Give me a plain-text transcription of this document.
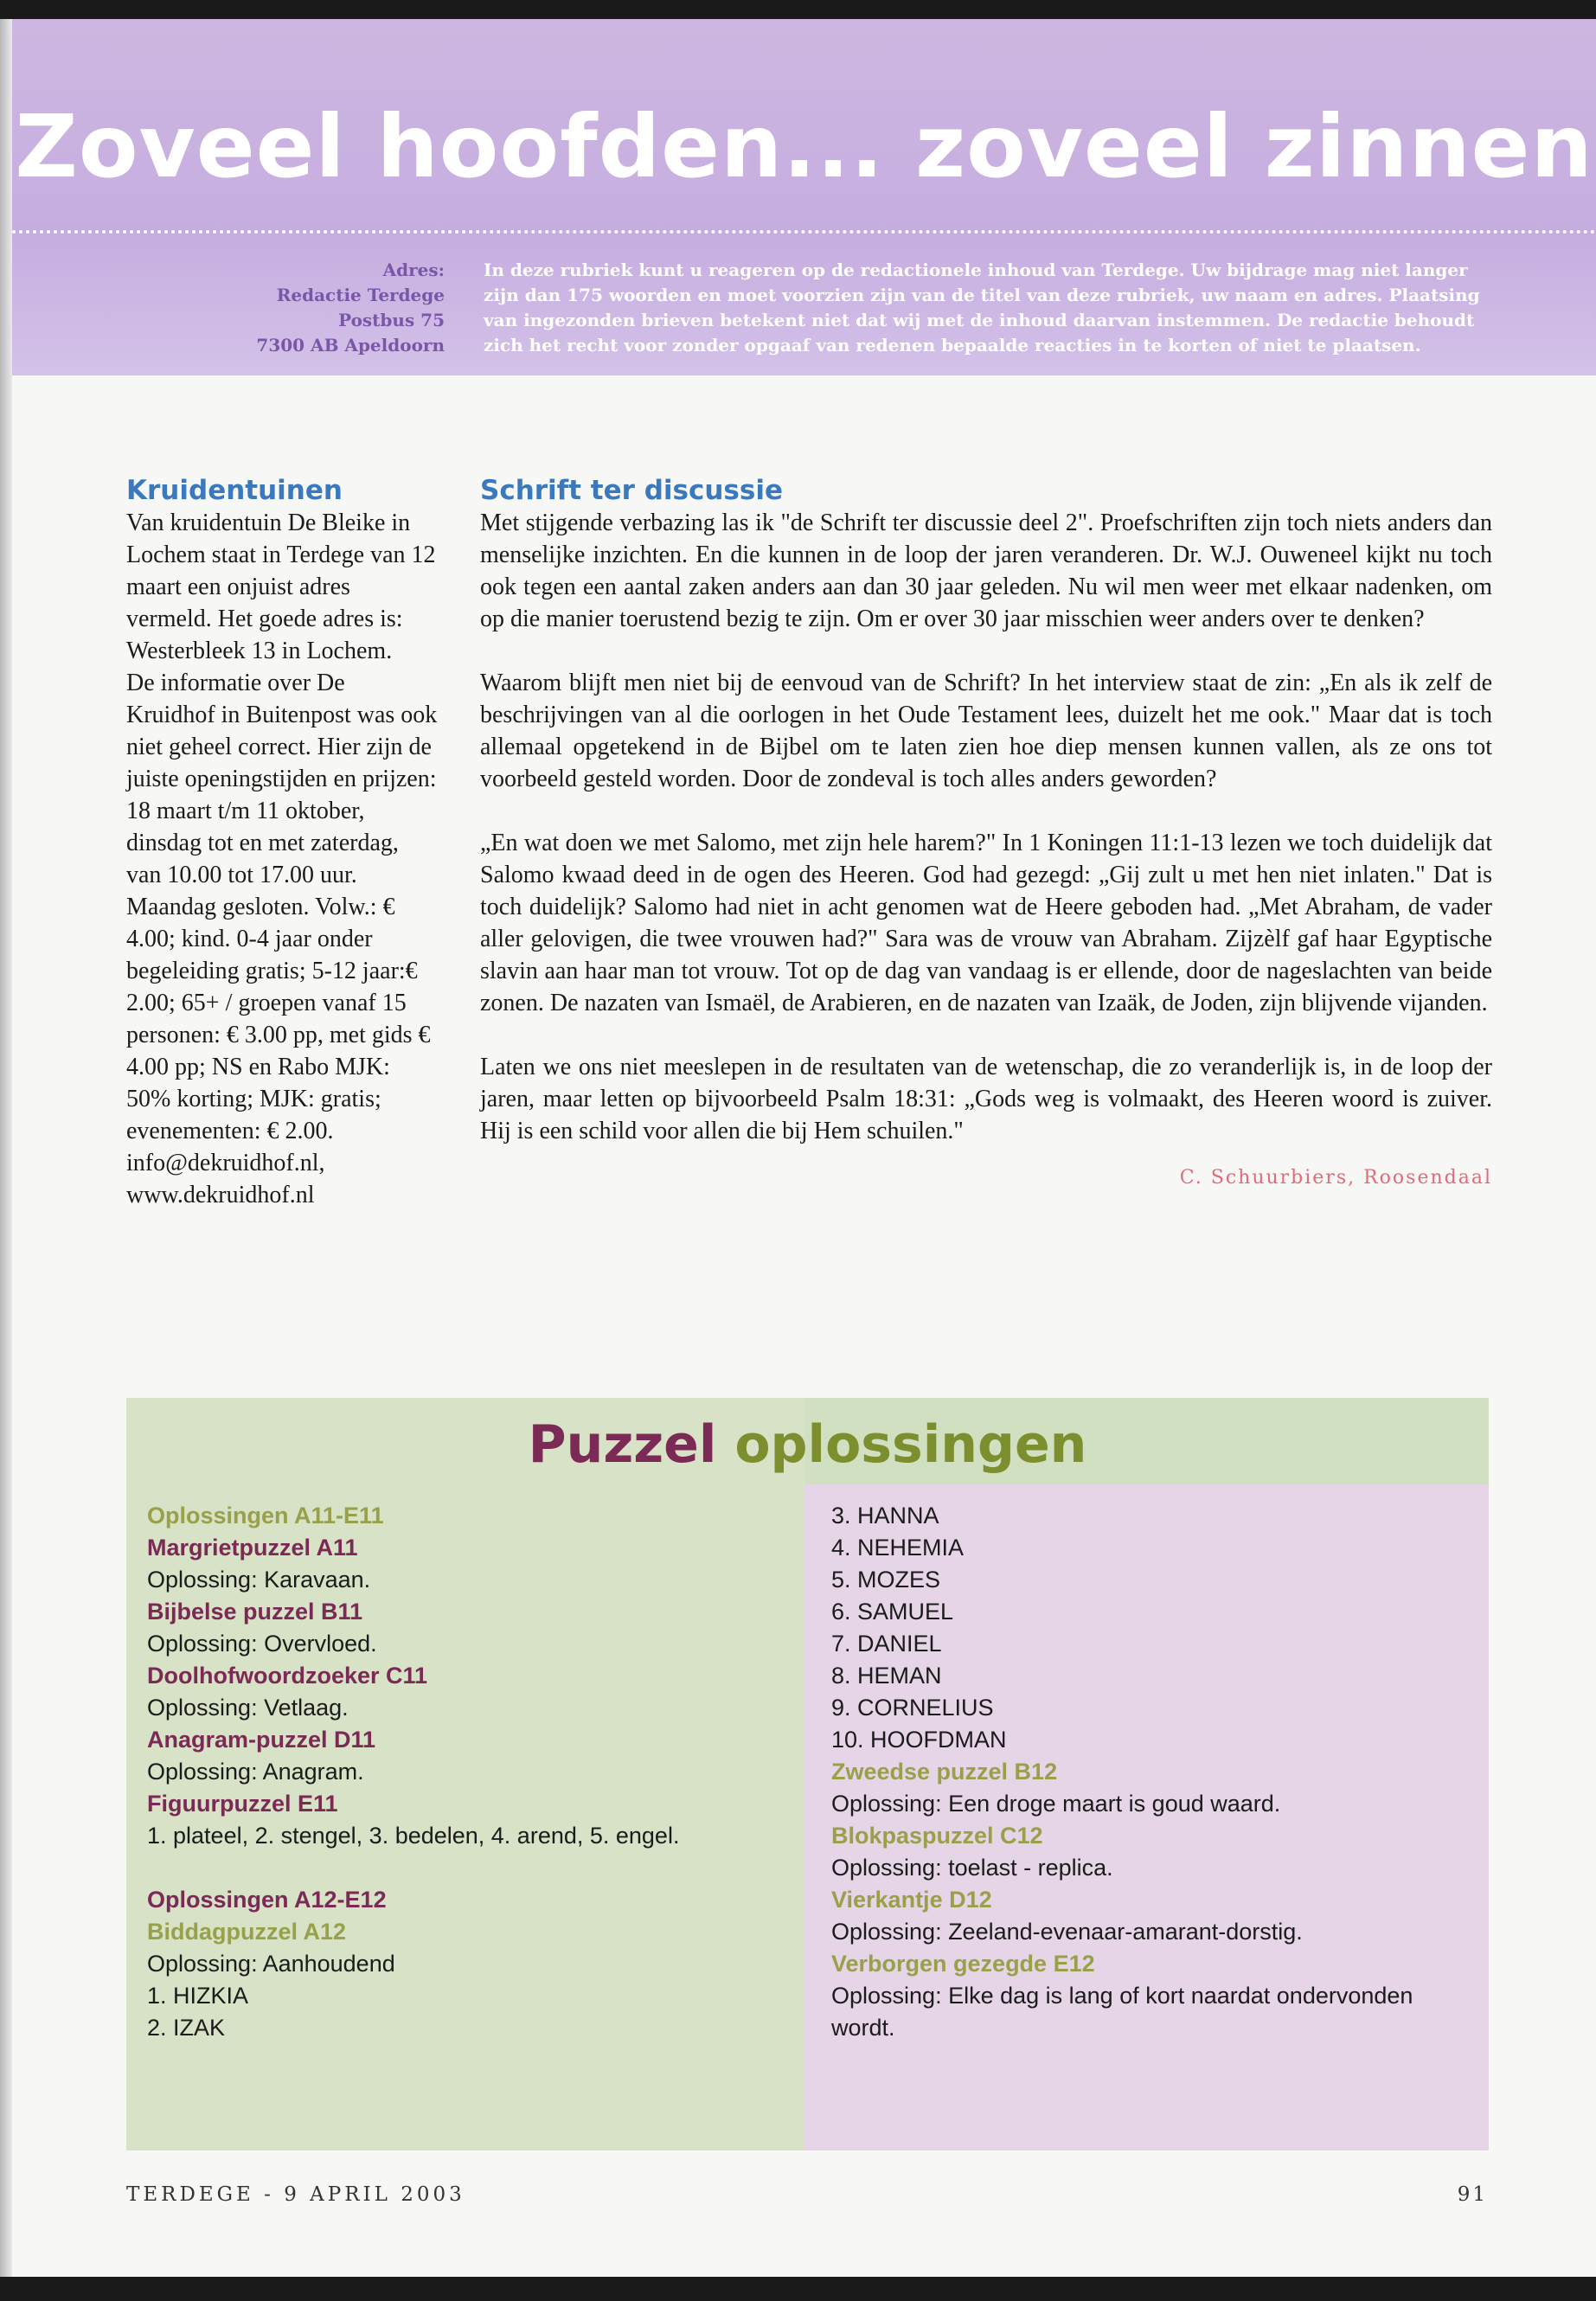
Zoveel hoofden... zoveel zinnen
Adres:
Redactie Terdege
Postbus 75
7300 AB Apeldoorn
In deze rubriek kunt u reageren op de redactionele inhoud van Terdege. Uw bijdrage mag niet langer zijn dan 175 woorden en moet voorzien zijn van de titel van deze rubriek, uw naam en adres. Plaatsing van ingezonden brieven betekent niet dat wij met de inhoud daarvan instemmen. De redactie behoudt zich het recht voor zonder opgaaf van redenen bepaalde reacties in te korten of niet te plaatsen.
Kruidentuinen

Van kruidentuin De Bleike in Lochem staat in Terdege van 12 maart een onjuist adres vermeld. Het goede adres is: Westerbleek 13 in Lochem.

De informatie over De Kruidhof in Buitenpost was ook niet geheel correct. Hier zijn de juiste openingstijden en prijzen: 18 maart t/m 11 oktober, dinsdag tot en met zaterdag, van 10.00 tot 17.00 uur. Maandag gesloten. Volw.: € 4.00; kind. 0-4 jaar onder begeleiding gratis; 5-12 jaar:€ 2.00; 65+ / groepen vanaf 15 personen: € 3.00 pp, met gids € 4.00 pp; NS en Rabo MJK: 50% korting; MJK: gratis; evenementen: € 2.00. info@dekruidhof.nl, www.dekruidhof.nl

Schrift ter discussie

Met stijgende verbazing las ik "de Schrift ter discussie deel 2". Proefschriften zijn toch niets anders dan menselijke inzichten. En die kunnen in de loop der jaren veranderen. Dr. W.J. Ouweneel kijkt nu toch ook tegen een aantal zaken anders aan dan 30 jaar geleden. Nu wil men weer met elkaar nadenken, om op die manier toerustend bezig te zijn. Om er over 30 jaar misschien weer anders over te denken?

Waarom blijft men niet bij de eenvoud van de Schrift? In het interview staat de zin: „En als ik zelf de beschrijvingen van al die oorlogen in het Oude Testament lees, duizelt het me ook." Maar dat is toch allemaal opgetekend in de Bijbel om te laten zien hoe diep mensen kunnen vallen, als ze ons tot voorbeeld gesteld worden. Door de zondeval is toch alles anders geworden?

„En wat doen we met Salomo, met zijn hele harem?" In 1 Koningen 11:1-13 lezen we toch duidelijk dat Salomo kwaad deed in de ogen des Heeren. God had gezegd: „Gij zult u met hen niet inlaten." Dat is toch duidelijk? Salomo had niet in acht genomen wat de Heere geboden had. „Met Abraham, de vader aller gelovigen, die twee vrouwen had?" Sara was de vrouw van Abraham. Zijzèlf gaf haar Egyptische slavin aan haar man tot vrouw. Tot op de dag van vandaag is er ellende, door de nageslachten van beide zonen. De nazaten van Ismaël, de Arabieren, en de nazaten van Izaäk, de Joden, zijn blijvende vijanden.

Laten we ons niet meeslepen in de resultaten van de wetenschap, die zo veranderlijk is, in de loop der jaren, maar letten op bijvoorbeeld Psalm 18:31: „Gods weg is volmaakt, des Heeren woord is zuiver. Hij is een schild voor allen die bij Hem schuilen."

C. Schuurbiers, Roosendaal
Puzzel oplossingen
Oplossingen A11-E11
Margrietpuzzel A11
Oplossing: Karavaan.
Bijbelse puzzel B11
Oplossing: Overvloed.
Doolhofwoordzoeker C11
Oplossing: Vetlaag.
Anagram-puzzel D11
Oplossing: Anagram.
Figuurpuzzel E11
1. plateel, 2. stengel, 3. bedelen, 4. arend, 5. engel.
Oplossingen A12-E12
Biddagpuzzel A12
Oplossing: Aanhoudend
1. HIZKIA
2. IZAK
3. HANNA
4. NEHEMIA
5. MOZES
6. SAMUEL
7. DANIEL
8. HEMAN
9. CORNELIUS
10. HOOFDMAN
Zweedse puzzel B12
Oplossing: Een droge maart is goud waard.
Blokpaspuzzel C12
Oplossing: toelast - replica.
Vierkantje D12
Oplossing: Zeeland-evenaar-amarant-dorstig.
Verborgen gezegde E12
Oplossing: Elke dag is lang of kort naardat ondervonden wordt.
TERDEGE - 9 APRIL 2003	91
